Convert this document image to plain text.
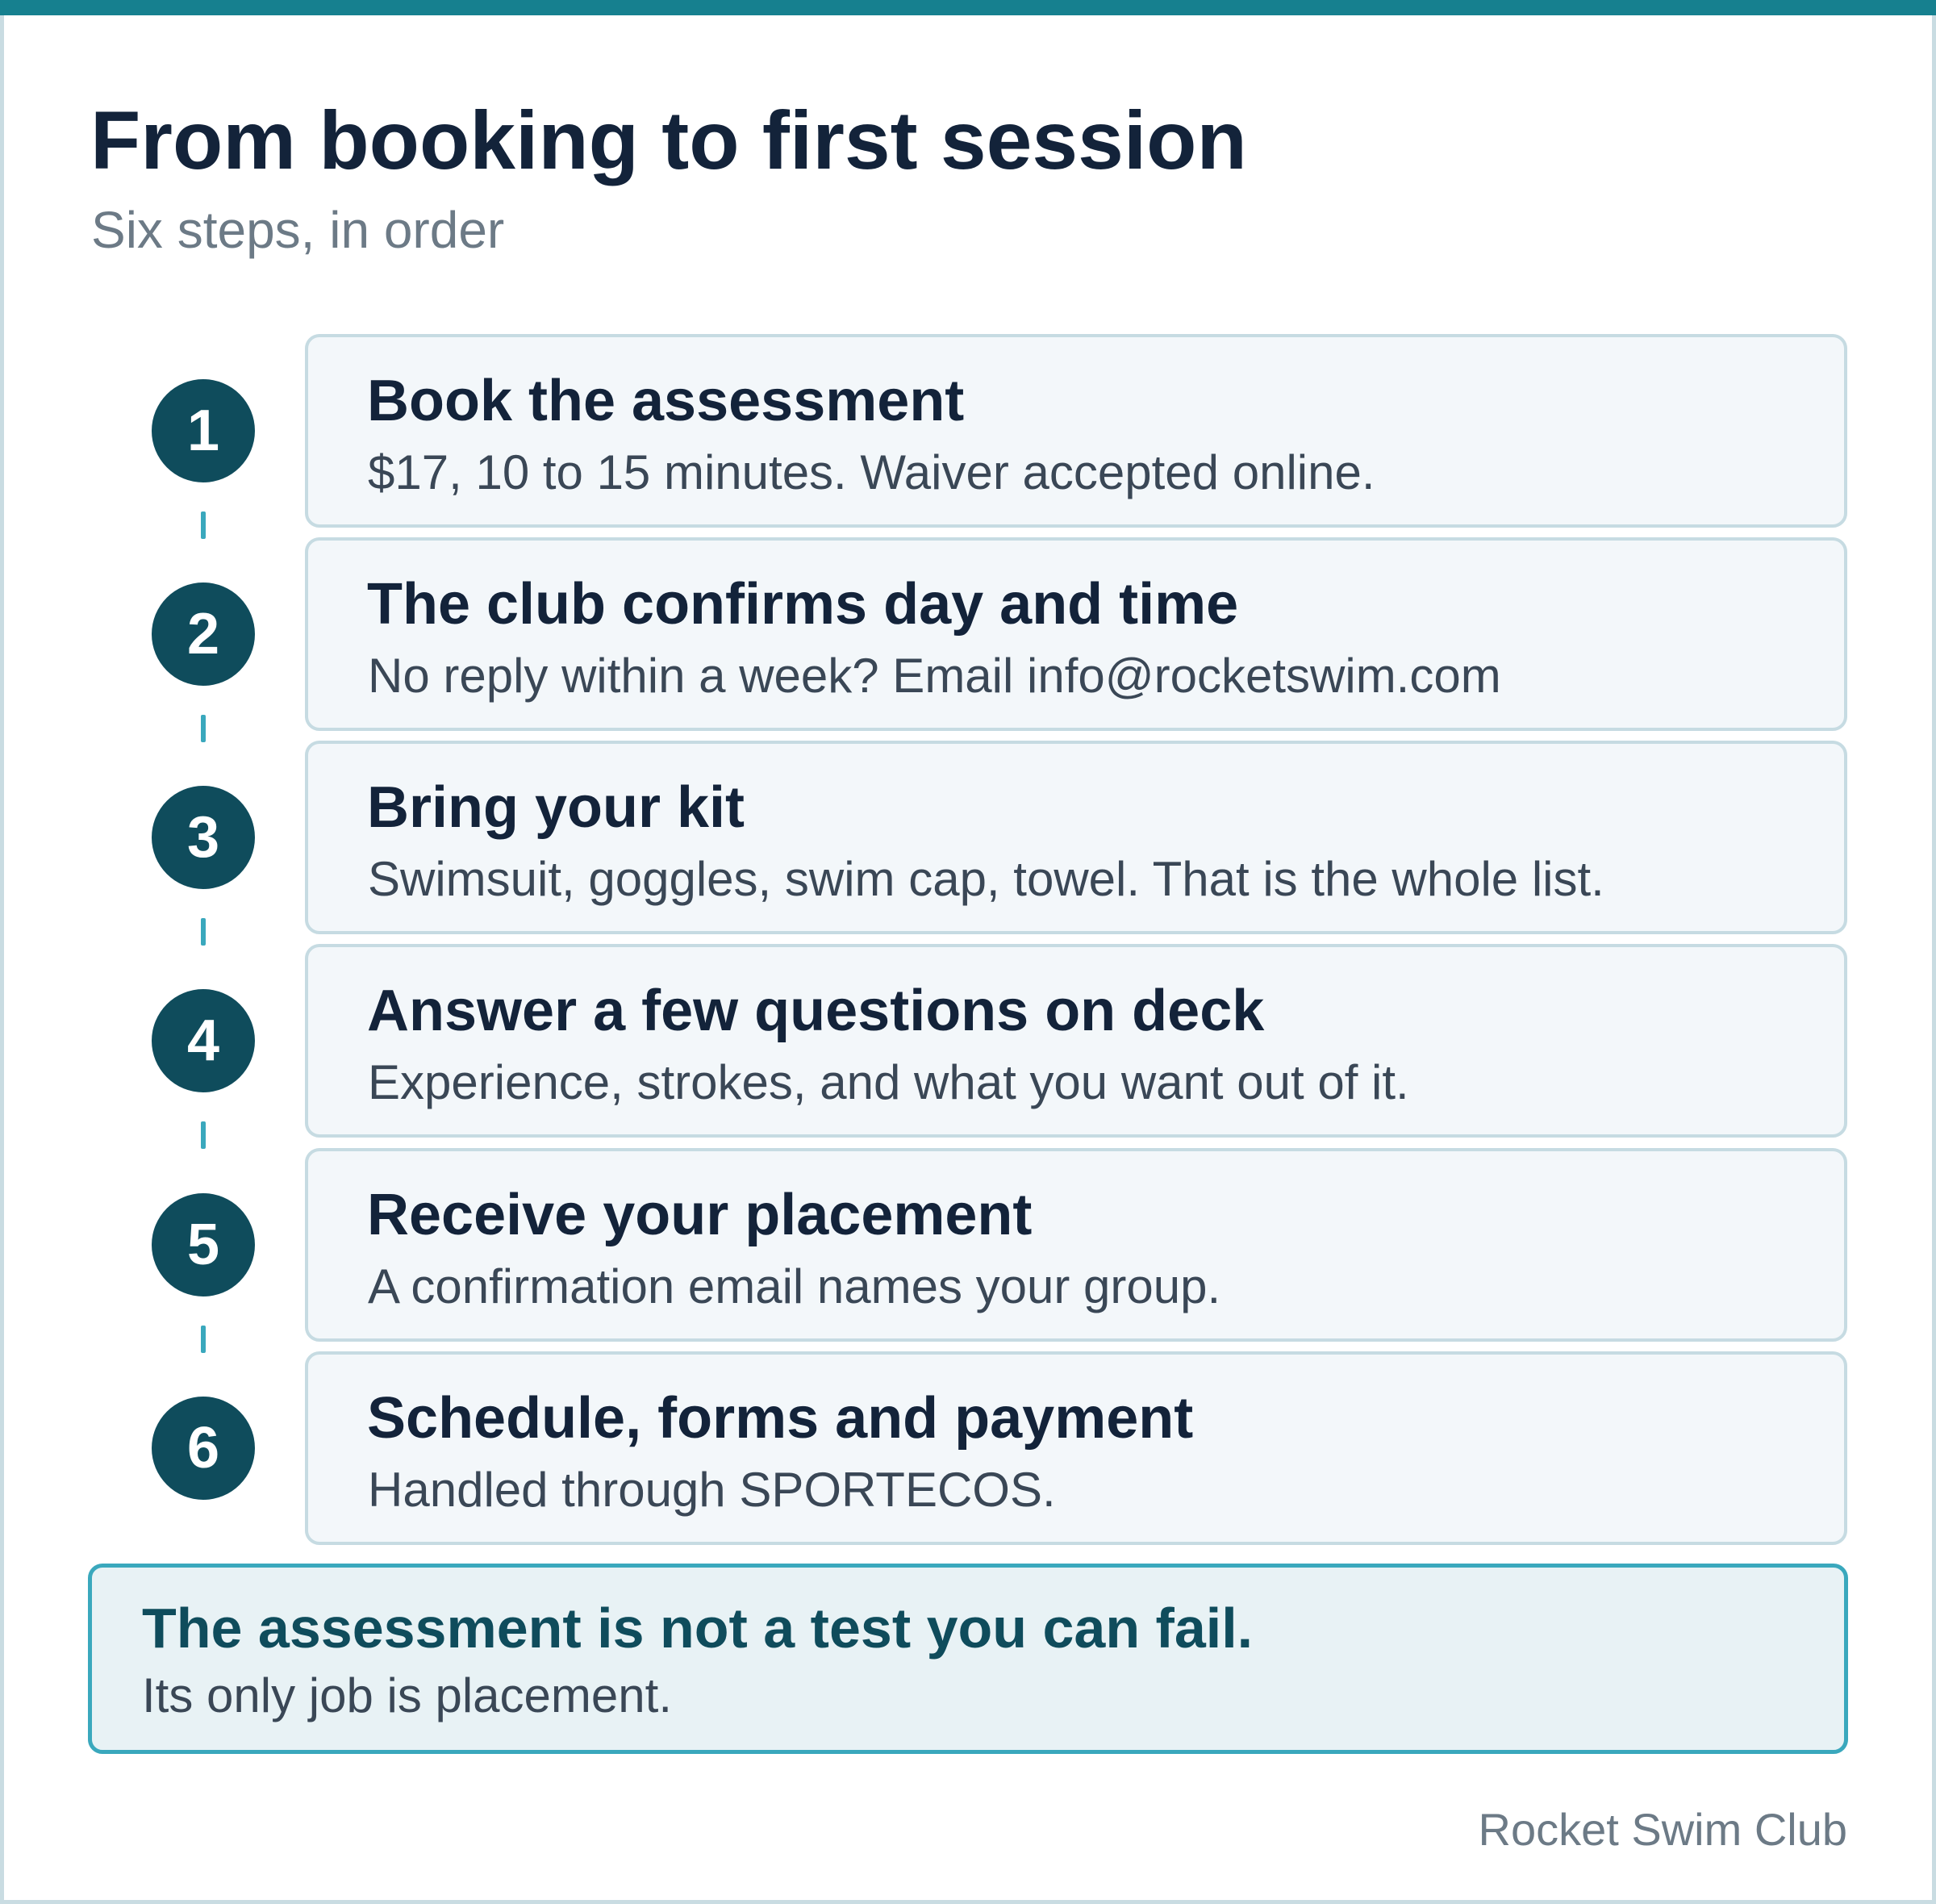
From booking to first session

Six steps, in order

1	Book the assessment
$17, 10 to 15 minutes. Waiver accepted online.
2	The club confirms day and time
No reply within a week? Email info@rocketswim.com
3	Bring your kit
Swimsuit, goggles, swim cap, towel. That is the whole list.
4	Answer a few questions on deck
Experience, strokes, and what you want out of it.
5	Receive your placement
A confirmation email names your group.
6	Schedule, forms and payment
Handled through SPORTECOS.
The assessment is not a test you can fail.
Its only job is placement.
Rocket Swim Club
